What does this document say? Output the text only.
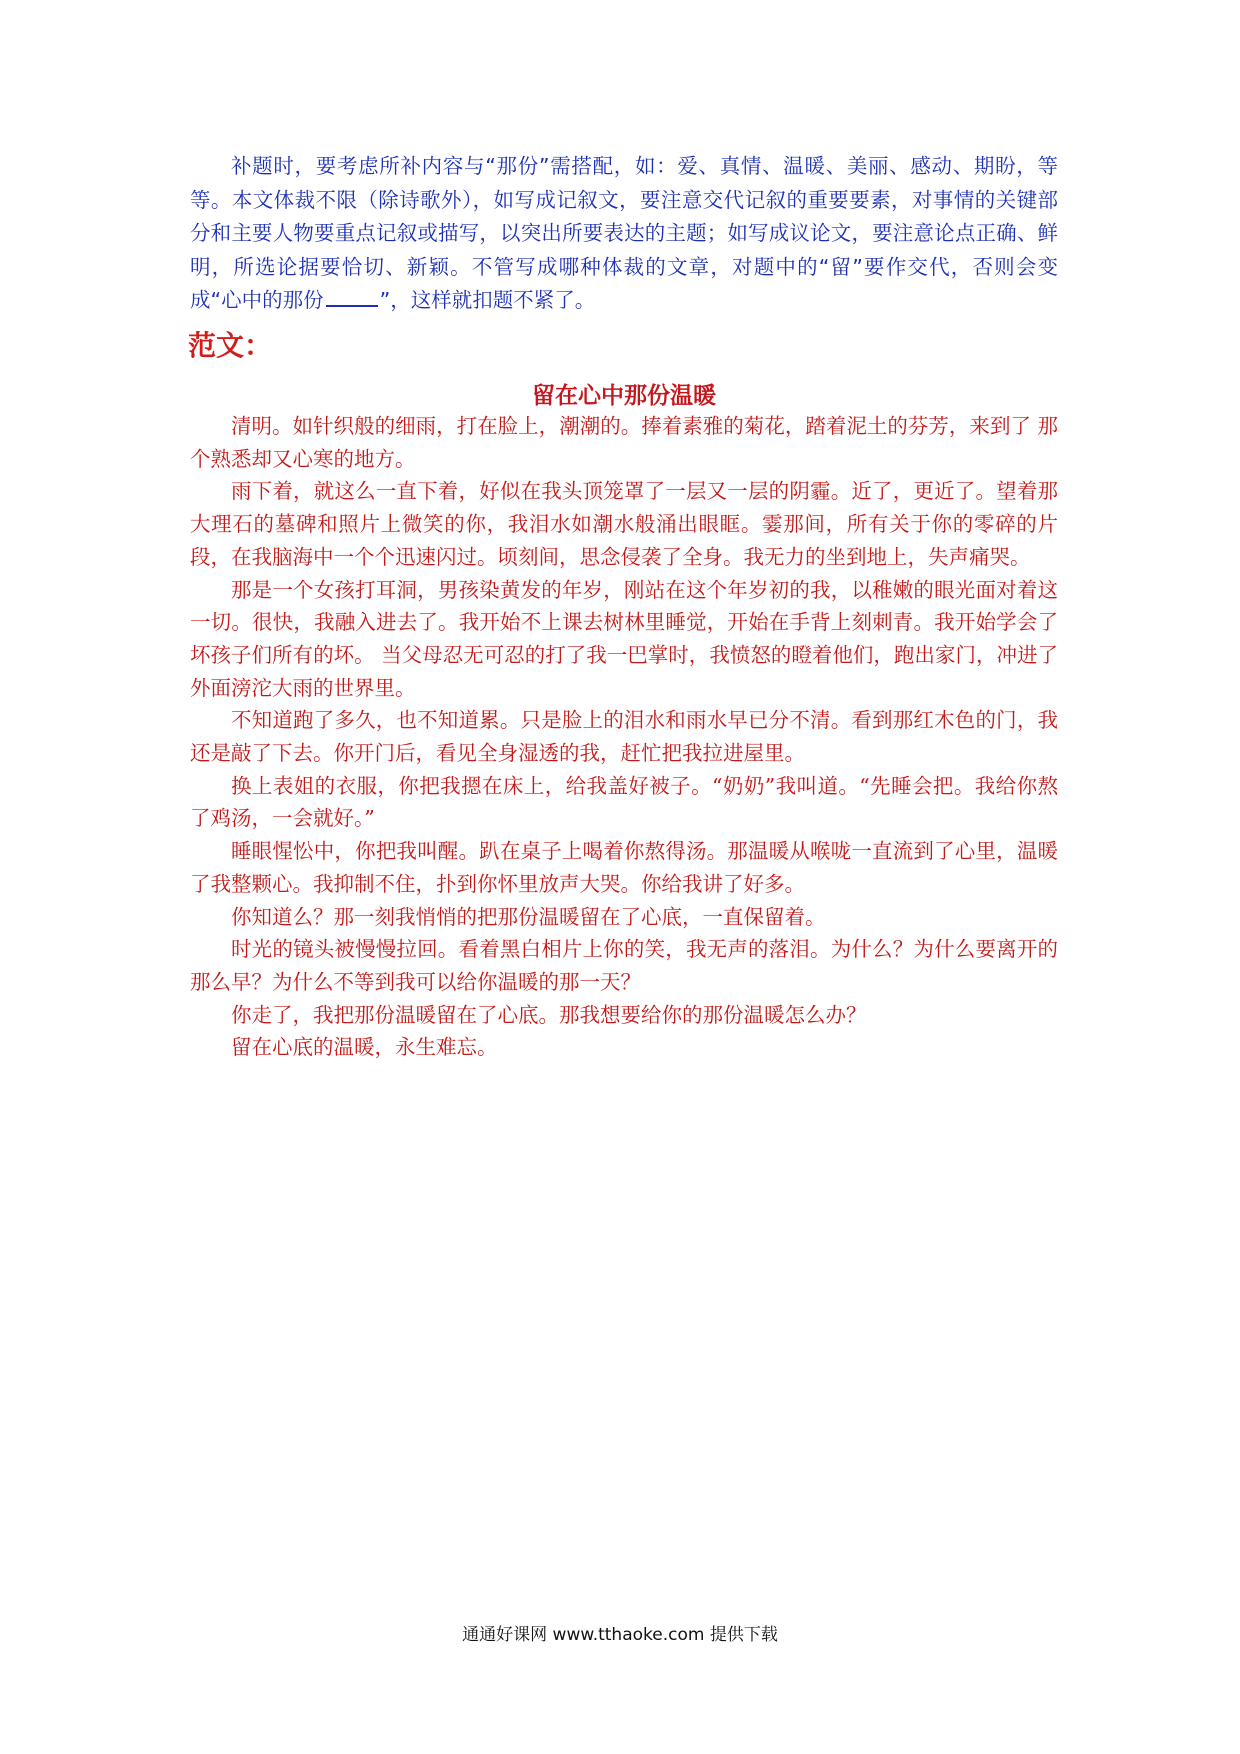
补题时，要考虑所补内容与“那份”需搭配，如：爱、真情、温暖、美丽、感动、期盼，等等。本文体裁不限（除诗歌外），如写成记叙文，要注意交代记叙的重要要素，对事情的关键部分和主要人物要重点记叙或描写，以突出所要表达的主题；如写成议论文，要注意论点正确、鲜明，所选论据要恰切、新颖。不管写成哪种体裁的文章，对题中的“留”要作交代，否则会变成“心中的那份	”，这样就扣题不紧了。

范文：
留在心中那份温暖

清明。如针织般的细雨，打在脸上，潮潮的。捧着素雅的菊花，踏着泥土的芬芳，来到了 那个熟悉却又心寒的地方。

雨下着，就这么一直下着，好似在我头顶笼罩了一层又一层的阴霾。近了，更近了。望着那大理石的墓碑和照片上微笑的你，我泪水如潮水般涌出眼眶。霎那间，所有关于你的零碎的片段，在我脑海中一个个迅速闪过。顷刻间，思念侵袭了全身。我无力的坐到地上，失声痛哭。

那是一个女孩打耳洞，男孩染黄发的年岁，刚站在这个年岁初的我，以稚嫩的眼光面对着这一切。很快，我融入进去了。我开始不上课去树林里睡觉，开始在手背上刻刺青。我开始学会了坏孩子们所有的坏。 当父母忍无可忍的打了我一巴掌时，我愤怒的瞪着他们，跑出家门，冲进了外面滂沱大雨的世界里。

不知道跑了多久，也不知道累。只是脸上的泪水和雨水早已分不清。看到那红木色的门，我还是敲了下去。你开门后，看见全身湿透的我，赶忙把我拉进屋里。

换上表姐的衣服，你把我摁在床上，给我盖好被子。“奶奶”我叫道。“先睡会把。我给你熬了鸡汤，一会就好。”

睡眼惺忪中，你把我叫醒。趴在桌子上喝着你熬得汤。那温暖从喉咙一直流到了心里，温暖了我整颗心。我抑制不住，扑到你怀里放声大哭。你给我讲了好多。

你知道么？那一刻我悄悄的把那份温暖留在了心底，一直保留着。

时光的镜头被慢慢拉回。看着黑白相片上你的笑，我无声的落泪。为什么？为什么要离开的那么早？为什么不等到我可以给你温暖的那一天？

你走了，我把那份温暖留在了心底。那我想要给你的那份温暖怎么办？

留在心底的温暖，永生难忘。

通通好课网 www.tthaoke.com 提供下载
